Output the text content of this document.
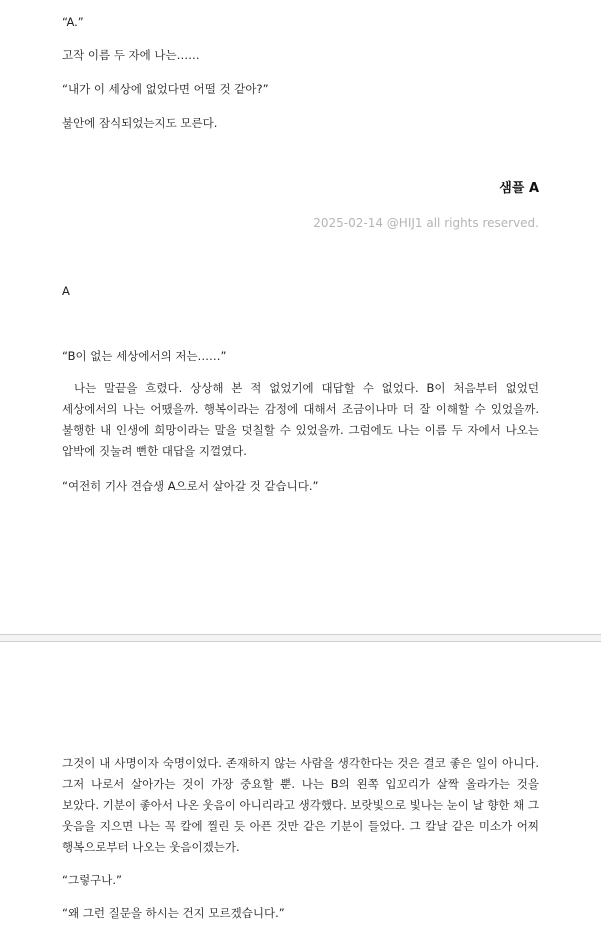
“A.”

고작 이름 두 자에 나는……

“내가 이 세상에 없었다면 어떨 것 같아?”

불안에 잠식되었는지도 모른다.

샘플 A

2025-02-14 @HIJ1 all rights reserved.

A

“B이 없는 세상에서의 저는……”

나는 말끝을 흐렸다. 상상해 본 적 없었기에 대답할 수 없었다. B이 처음부터 없었던 세상에서의 나는 어땠을까. 행복이라는 감정에 대해서 조금이나마 더 잘 이해할 수 있었을까. 불행한 내 인생에 희망이라는 말을 덧칠할 수 있었을까. 그럼에도 나는 이름 두 자에서 나오는 압박에 짓눌려 뻔한 대답을 지껄였다.

“여전히 기사 견습생 A으로서 살아갈 것 같습니다.”

그것이 내 사명이자 숙명이었다. 존재하지 않는 사람을 생각한다는 것은 결코 좋은 일이 아니다. 그저 나로서 살아가는 것이 가장 중요할 뿐. 나는 B의 왼쪽 입꼬리가 살짝 올라가는 것을 보았다. 기분이 좋아서 나온 웃음이 아니리라고 생각했다. 보랏빛으로 빛나는 눈이 날 향한 채 그 웃음을 지으면 나는 꼭 칼에 찔린 듯 아픈 것만 같은 기분이 들었다. 그 칼날 같은 미소가 어찌 행복으로부터 나오는 웃음이겠는가.

“그렇구나.”

“왜 그런 질문을 하시는 건지 모르겠습니다.”
